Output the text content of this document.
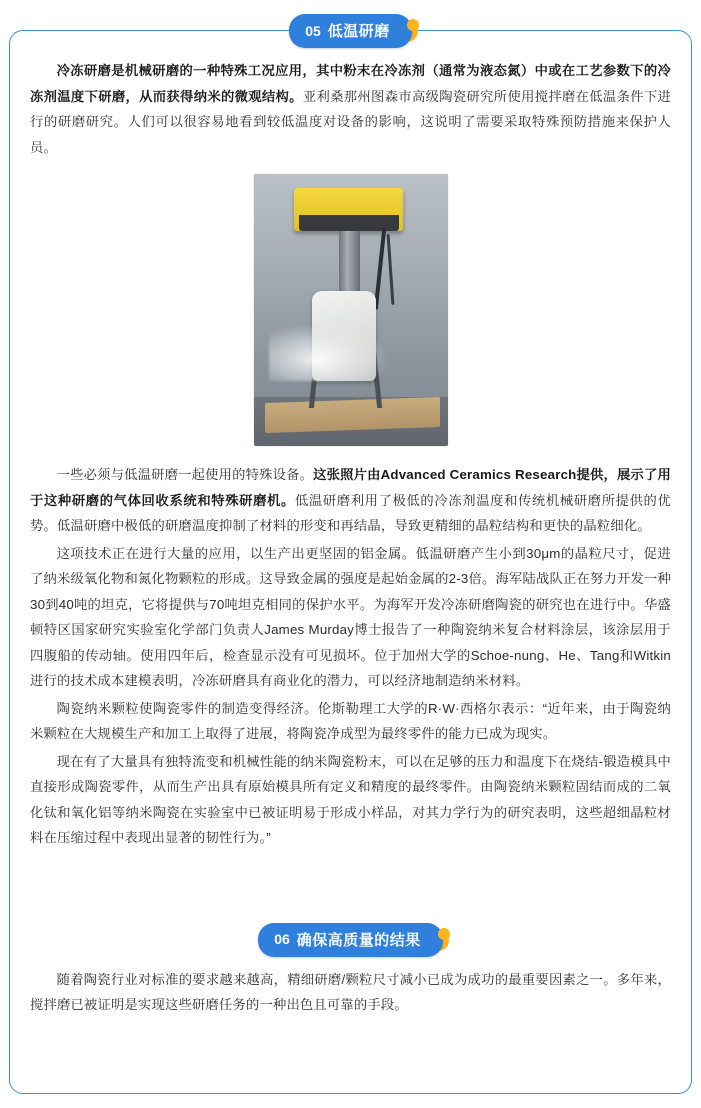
05 低温研磨

冷冻研磨是机械研磨的一种特殊工况应用，其中粉末在冷冻剂（通常为液态氮）中或在工艺参数下的冷冻剂温度下研磨，从而获得纳米的微观结构。亚利桑那州图森市高级陶瓷研究所使用搅拌磨在低温条件下进行的研磨研究。人们可以很容易地看到较低温度对设备的影响，这说明了需要采取特殊预防措施来保护人员。

一些必须与低温研磨一起使用的特殊设备。这张照片由Advanced Ceramics Research提供，展示了用于这种研磨的气体回收系统和特殊研磨机。低温研磨利用了极低的冷冻剂温度和传统机械研磨所提供的优势。低温研磨中极低的研磨温度抑制了材料的形变和再结晶，导致更精细的晶粒结构和更快的晶粒细化。

这项技术正在进行大量的应用，以生产出更坚固的铝金属。低温研磨产生小到30μm的晶粒尺寸，促进了纳米级氧化物和氮化物颗粒的形成。这导致金属的强度是起始金属的2-3倍。海军陆战队正在努力开发一种30到40吨的坦克，它将提供与70吨坦克相同的保护水平。为海军开发冷冻研磨陶瓷的研究也在进行中。华盛顿特区国家研究实验室化学部门负责人James Murday博士报告了一种陶瓷纳米复合材料涂层，该涂层用于四腹船的传动轴。使用四年后，检查显示没有可见损坏。位于加州大学的Schoe-nung、He、Tang和Witkin进行的技术成本建模表明，冷冻研磨具有商业化的潜力，可以经济地制造纳米材料。

陶瓷纳米颗粒使陶瓷零件的制造变得经济。伦斯勒理工大学的R·W·西格尔表示：“近年来，由于陶瓷纳米颗粒在大规模生产和加工上取得了进展，将陶瓷净成型为最终零件的能力已成为现实。

现在有了大量具有独特流变和机械性能的纳米陶瓷粉末，可以在足够的压力和温度下在烧结-锻造模具中直接形成陶瓷零件，从而生产出具有原始模具所有定义和精度的最终零件。由陶瓷纳米颗粒固结而成的二氧化钛和氧化铝等纳米陶瓷在实验室中已被证明易于形成小样品，对其力学行为的研究表明，这些超细晶粒材料在压缩过程中表现出显著的韧性行为。”

06 确保高质量的结果

随着陶瓷行业对标准的要求越来越高，精细研磨/颗粒尺寸减小已成为成功的最重要因素之一。多年来，搅拌磨已被证明是实现这些研磨任务的一种出色且可靠的手段。
